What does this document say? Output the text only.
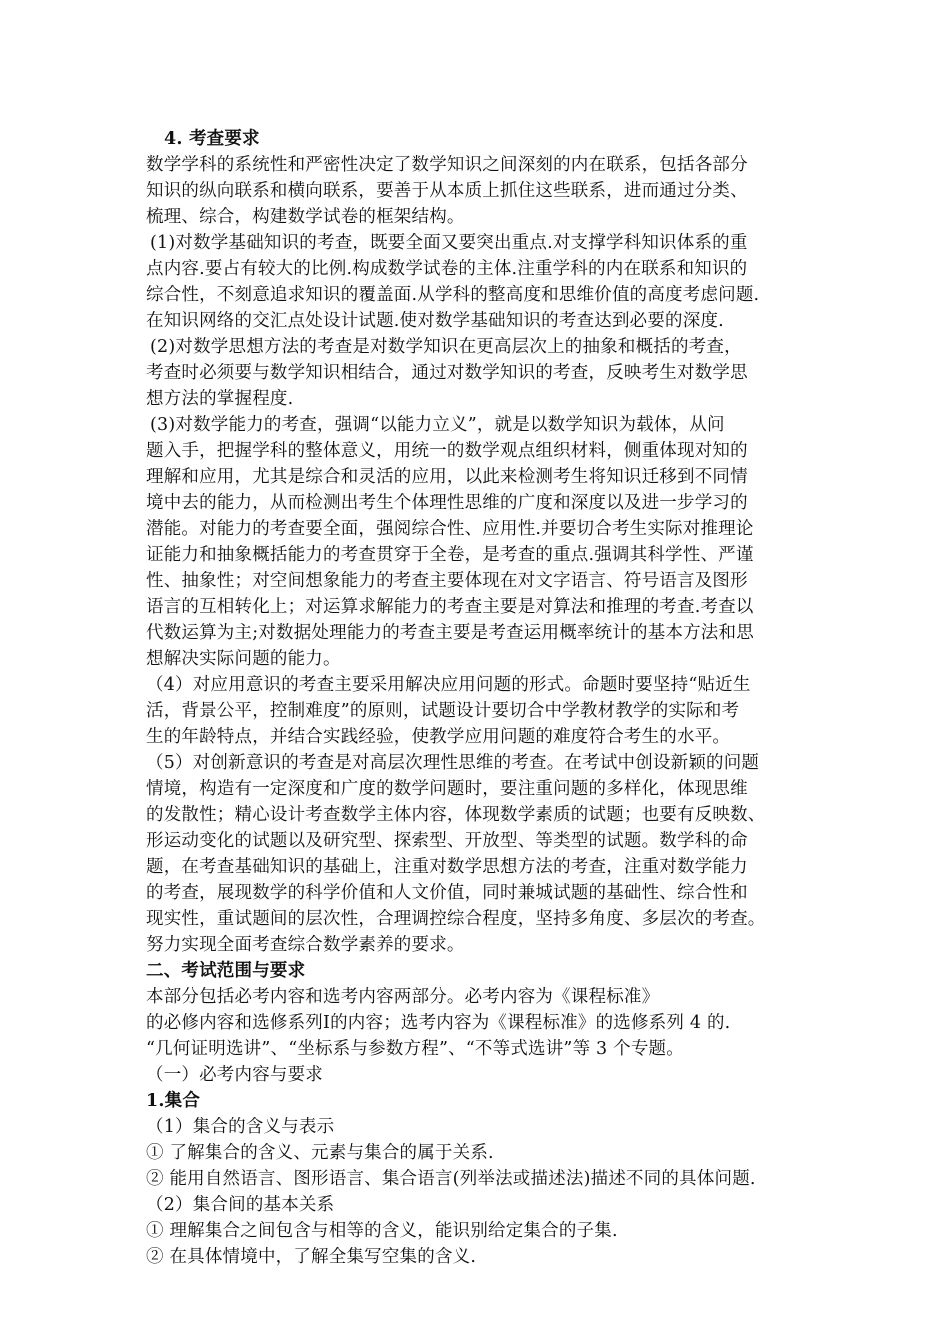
4. 考查要求
数学学科的系统性和严密性决定了数学知识之间深刻的内在联系，包括各部分
知识的纵向联系和横向联系，要善于从本质上抓住这些联系，进而通过分类、
梳理、综合，构建数学试卷的框架结构。
(1)对数学基础知识的考查，既要全面又要突出重点.对支撑学科知识体系的重
点内容.要占有较大的比例.构成数学试卷的主体.注重学科的内在联系和知识的
综合性，不刻意追求知识的覆盖面.从学科的整高度和思维价值的高度考虑问题.
在知识网络的交汇点处设计试题.使对数学基础知识的考查达到必要的深度.
(2)对数学思想方法的考查是对数学知识在更高层次上的抽象和概括的考查，
考查时必须要与数学知识相结合，通过对数学知识的考查，反映考生对数学思
想方法的掌握程度.
(3)对数学能力的考查，强调“以能力立义”，就是以数学知识为载体，从问
题入手，把握学科的整体意义，用统一的数学观点组织材料，侧重体现对知的
理解和应用，尤其是综合和灵活的应用，以此来检测考生将知识迁移到不同情
境中去的能力，从而检测出考生个体理性思维的广度和深度以及进一步学习的
潜能。对能力的考查要全面，强阅综合性、应用性.并要切合考生实际对推理论
证能力和抽象概括能力的考查贯穿于全卷，是考查的重点.强调其科学性、严谨
性、抽象性；对空间想象能力的考查主要体现在对文字语言、符号语言及图形
语言的互相转化上；对运算求解能力的考查主要是对算法和推理的考查.考查以
代数运算为主;对数据处理能力的考查主要是考查运用概率统计的基本方法和思
想解决实际问题的能力。
（4）对应用意识的考查主要采用解决应用问题的形式。命题时要坚持“贴近生
活，背景公平，控制难度”的原则，试题设计要切合中学教材教学的实际和考
生的年龄特点，并结合实践经验，使教学应用问题的难度符合考生的水平。
（5）对创新意识的考查是对高层次理性思维的考查。在考试中创设新颖的问题
情境，构造有一定深度和广度的数学问题时，要注重问题的多样化，体现思维
的发散性；精心设计考查数学主体内容，体现数学素质的试题；也要有反映数、
形运动变化的试题以及研究型、探索型、开放型、等类型的试题。数学科的命
题，在考查基础知识的基础上，注重对数学思想方法的考查，注重对数学能力
的考查，展现数学的科学价值和人文价值，同时兼城试题的基础性、综合性和
现实性，重试题间的层次性，合理调控综合程度，坚持多角度、多层次的考查。
努力实现全面考查综合数学素养的要求。
二、考试范围与要求
本部分包括必考内容和选考内容两部分。必考内容为《课程标准》
的必修内容和选修系列Ⅰ的内容；选考内容为《课程标准》的选修系列 4 的.
“几何证明选讲”、“坐标系与参数方程”、“不等式选讲”等 3 个专题。
（一）必考内容与要求
1.集合
（1）集合的含义与表示
① 了解集合的含义、元素与集合的属于关系.
② 能用自然语言、图形语言、集合语言(列举法或描述法)描述不同的具体问题.
（2）集合间的基本关系
① 理解集合之间包含与相等的含义，能识别给定集合的子集.
② 在具体情境中，了解全集写空集的含义.
